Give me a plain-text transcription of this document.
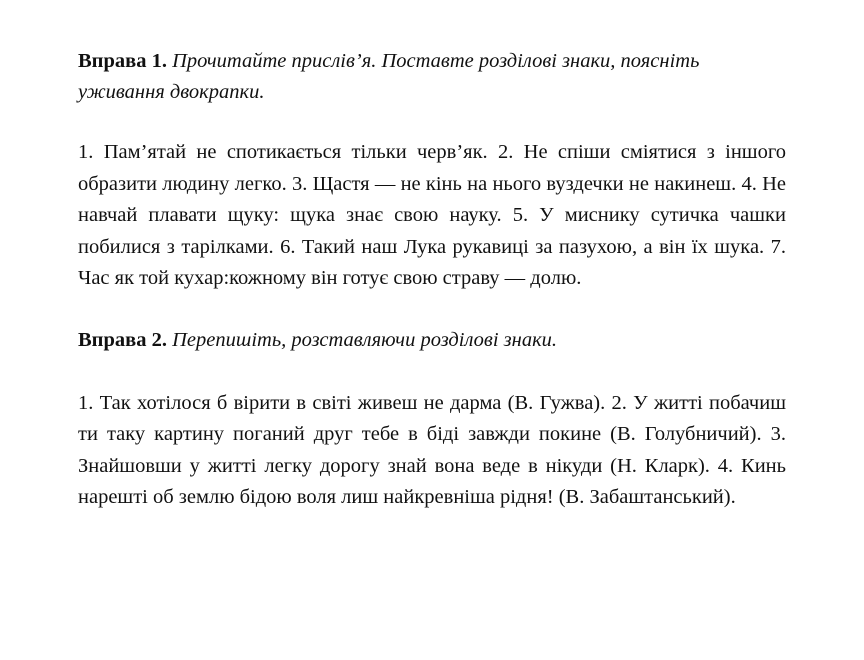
Вправа 1. Прочитайте прислів’я. Поставте розділові знаки, поясніть уживання двокрапки.

1. Пам’ятай не спотикається тільки черв’як. 2. Не спіши сміятися з іншого образити людину легко. 3. Щастя — не кінь на нього вуздечки не накинеш. 4. Не навчай плавати щуку: щука знає свою науку. 5. У миснику сутичка чашки побилися з тарілками. 6. Такий наш Лука рукавиці за пазухою, а він їх шука. 7. Час як той кухар:кожному він готує свою страву — долю.

Вправа 2. Перепишіть, розставляючи розділові знаки.

1. Так хотілося б вірити в світі живеш не дарма (В. Гужва). 2. У житті побачиш ти таку картину поганий друг тебе в біді завжди покине (В. Голубничий). 3. Знайшовши у житті легку дорогу знай вона веде в нікуди (Н. Кларк). 4. Кинь нарешті об землю бідою воля лиш найкревніша рідня! (В. Забаштанський).
